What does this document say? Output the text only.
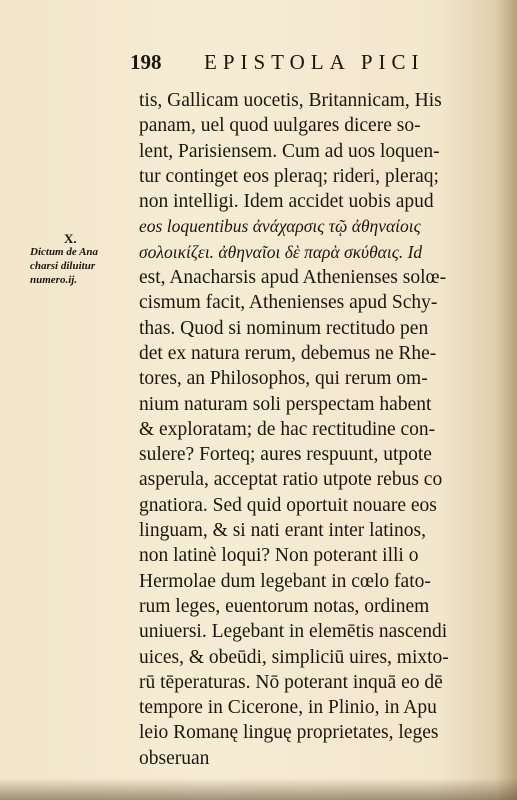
198 EPISTOLA PICI
X.
Dictum de Ana
charsi diluitur
numero.ij.
tis, Gallicam uocetis, Britannicam, His
panam, uel quod uulgares dicere so-
lent, Parisiensem. Cum ad uos loquen-
tur continget eos pleraq; rideri, pleraq;
non intelligi. Idem accidet uobis apud
eos loquentibus ἀνάχαρσις τῷ ἀθηναίοις
σολοικίζει. ἀθηναῖοι δὲ παρὰ σκύθαις. Id
est, Anacharsis apud Athenienses solœ-
cismum facit, Athenienses apud Schy-
thas. Quod si nominum rectitudo pen
det ex natura rerum, debemus ne Rhe-
tores, an Philosophos, qui rerum om-
nium naturam soli perspectam habent
& exploratam; de hac rectitudine con-
sulere? Forteq; aures respuunt, utpote
asperula, acceptat ratio utpote rebus co
gnatiora. Sed quid oportuit nouare eos
linguam, & si nati erant inter latinos,
non latinè loqui? Non poterant illi o
Hermolae dum legebant in cœlo fato-
rum leges, euentorum notas, ordinem
uniuersi. Legebant in elemētis nascendi
uices, & obeūdi, simpliciū uires, mixto-
rū tēperaturas. Nō poterant inquā eo dē
tempore in Cicerone, in Plinio, in Apu
leio Romanę linguę proprietates, leges
obseruan
